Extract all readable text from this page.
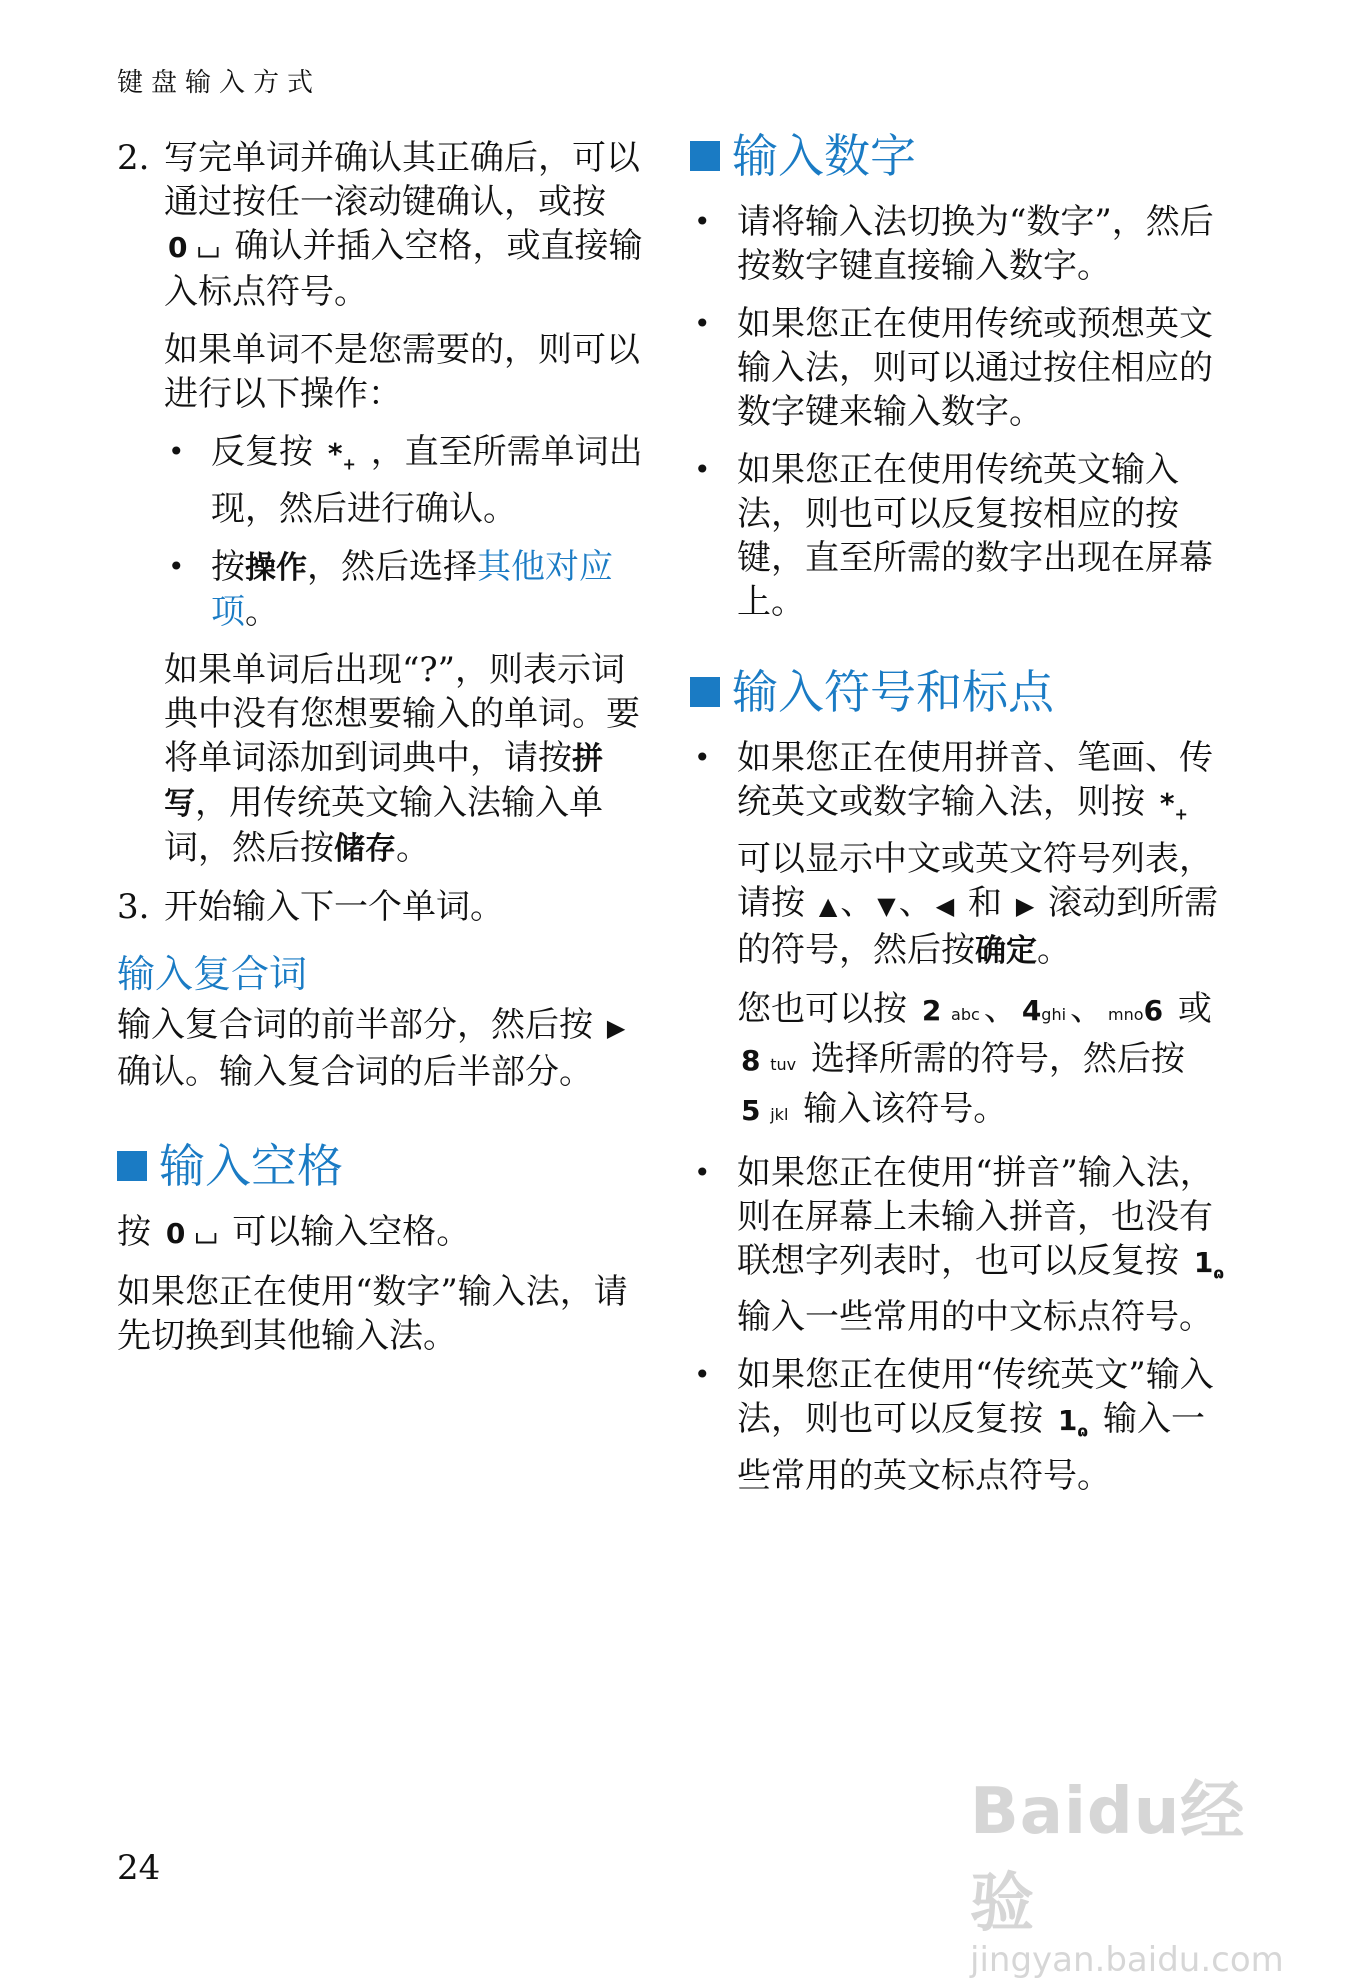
键盘输入方式
2. 写完单词并确认其正确后，可以通过按任一滚动键确认，或按 0 ⌴ 确认并插入空格，或直接输入标点符号。

如果单词不是您需要的，则可以进行以下操作：

• 反复按 $*_+$ ，直至所需单词出现，然后进行确认。
• 按操作，然后选择其他对应项。

如果单词后出现“?”，则表示词典中没有您想要输入的单词。要将单词添加到词典中，请按拼写，用传统英文输入法输入单词，然后按储存。

3. 开始输入下一个单词。
输入复合词

输入复合词的前半部分，然后按 ▶ 确认。输入复合词的后半部分。

输入空格

按 0 ⌴ 可以输入空格。

如果您正在使用“数字”输入法，请先切换到其他输入法。

输入数字
• 请将输入法切换为“数字”，然后按数字键直接输入数字。
• 如果您正在使用传统或预想英文输入法，则可以通过按住相应的数字键来输入数字。
• 如果您正在使用传统英文输入法，则也可以反复按相应的按键，直至所需的数字出现在屏幕上。
输入符号和标点
• 如果您正在使用拼音、笔画、传统英文或数字输入法，则按 $*_+$ 可以显示中文或英文符号列表，请按 ▲、 ▼、 ◀ 和 ▶ 滚动到所需的符号，然后按确定。

您也可以按 2 abc 、 4ghi 、 mno6 或 8 tuv 选择所需的符号，然后按 5 jkl 输入该符号。

• 如果您正在使用“拼音”输入法，则在屏幕上未输入拼音，也没有联想字列表时，也可以反复按 $1_ɷ$ 输入一些常用的中文标点符号。
• 如果您正在使用“传统英文”输入法，则也可以反复按 $1_ɷ$ 输入一些常用的英文标点符号。
24
Baidu经验
jingyan.baidu.com
